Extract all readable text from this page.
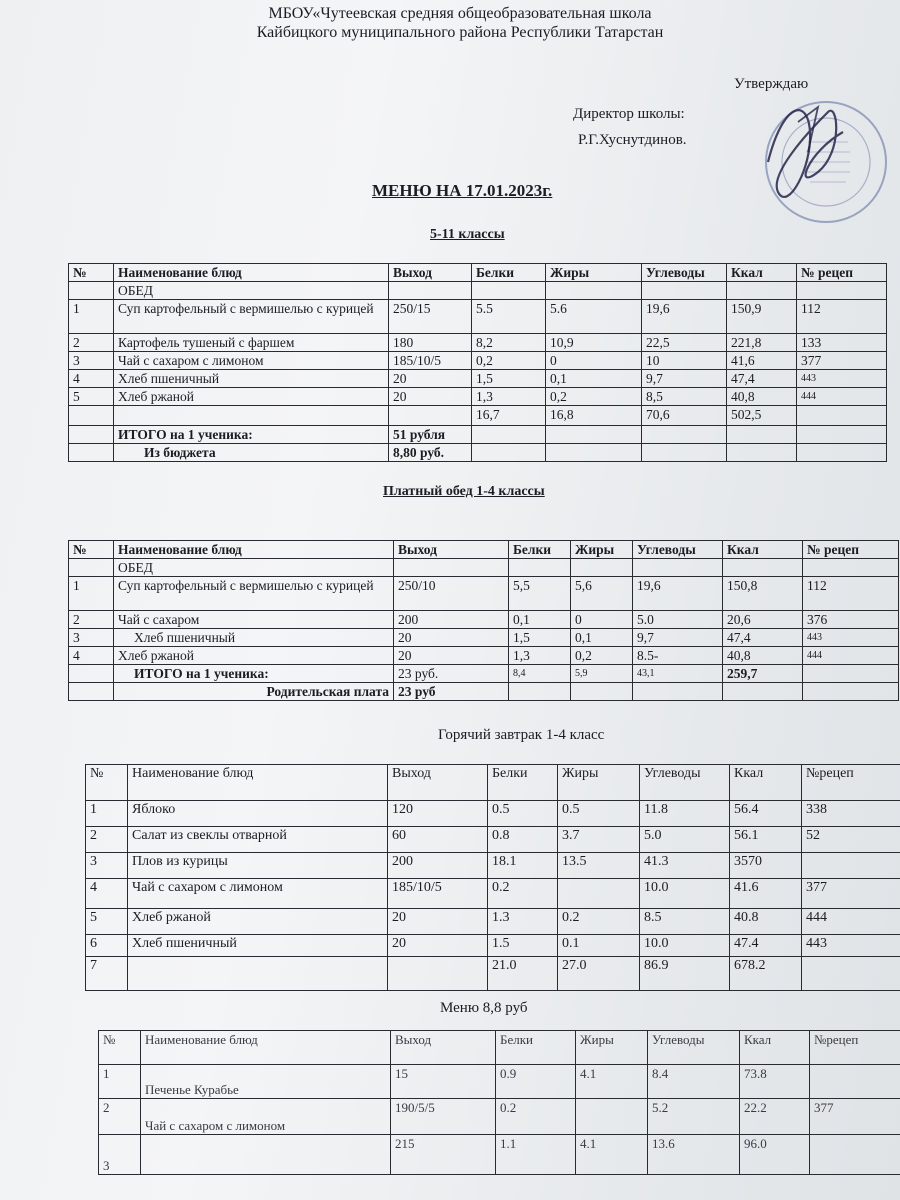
МБОУ«Чутеевская средняя общеобразовательная школа
Кайбицкого муниципального района Республики Татарстан
Утверждаю
Директор школы:
Р.Г.Хуснутдинов.
МЕНЮ НА 17.01.2023г.
5-11 классы
№	Наименование блюд	Выход	Белки	Жиры	Углеводы	Ккал	№ рецеп
	ОБЕД						
1	Суп картофельный с вермишелью с курицей	250/15	5.5	5.6	19,6	150,9	112
2	Картофель тушеный с фаршем	180	8,2	10,9	22,5	221,8	133
3	Чай с сахаром с лимоном	185/10/5	0,2	0	10	41,6	377
4	Хлеб пшеничный	20	1,5	0,1	9,7	47,4	443
5	Хлеб ржаной	20	1,3	0,2	8,5	40,8	444
			16,7	16,8	70,6	502,5	
	ИТОГО на 1 ученика:	51 рубля					
	Из бюджета	8,80 руб.					
Платный обед 1-4 классы
№	Наименование блюд	Выход	Белки	Жиры	Углеводы	Ккал	№ рецеп
	ОБЕД						
1	Суп картофельный с вермишелью с курицей	250/10	5,5	5,6	19,6	150,8	112
2	Чай с сахаром	200	0,1	0	5.0	20,6	376
3	Хлеб пшеничный	20	1,5	0,1	9,7	47,4	443
4	Хлеб ржаной	20	1,3	0,2	8.5-	40,8	444
	ИТОГО на 1 ученика:	23 руб.	8,4	5,9	43,1	259,7	
	Родительская плата	23 руб					
Горячий завтрак 1-4 класс
№	Наименование блюд	Выход	Белки	Жиры	Углеводы	Ккал	№рецеп
1	Яблоко	120	0.5	0.5	11.8	56.4	338
2	Салат из свеклы отварной	60	0.8	3.7	5.0	56.1	52
3	Плов из курицы	200	18.1	13.5	41.3	3570	
4	Чай с сахаром с лимоном	185/10/5	0.2		10.0	41.6	377
5	Хлеб ржаной	20	1.3	0.2	8.5	40.8	444
6	Хлеб пшеничный	20	1.5	0.1	10.0	47.4	443
7			21.0	27.0	86.9	678.2	
Меню 8,8 руб
№	Наименование блюд	Выход	Белки	Жиры	Углеводы	Ккал	№рецеп
1	Печенье Курабье	15	0.9	4.1	8.4	73.8	
2	Чай с сахаром с лимоном	190/5/5	0.2		5.2	22.2	377
3		215	1.1	4.1	13.6	96.0	
